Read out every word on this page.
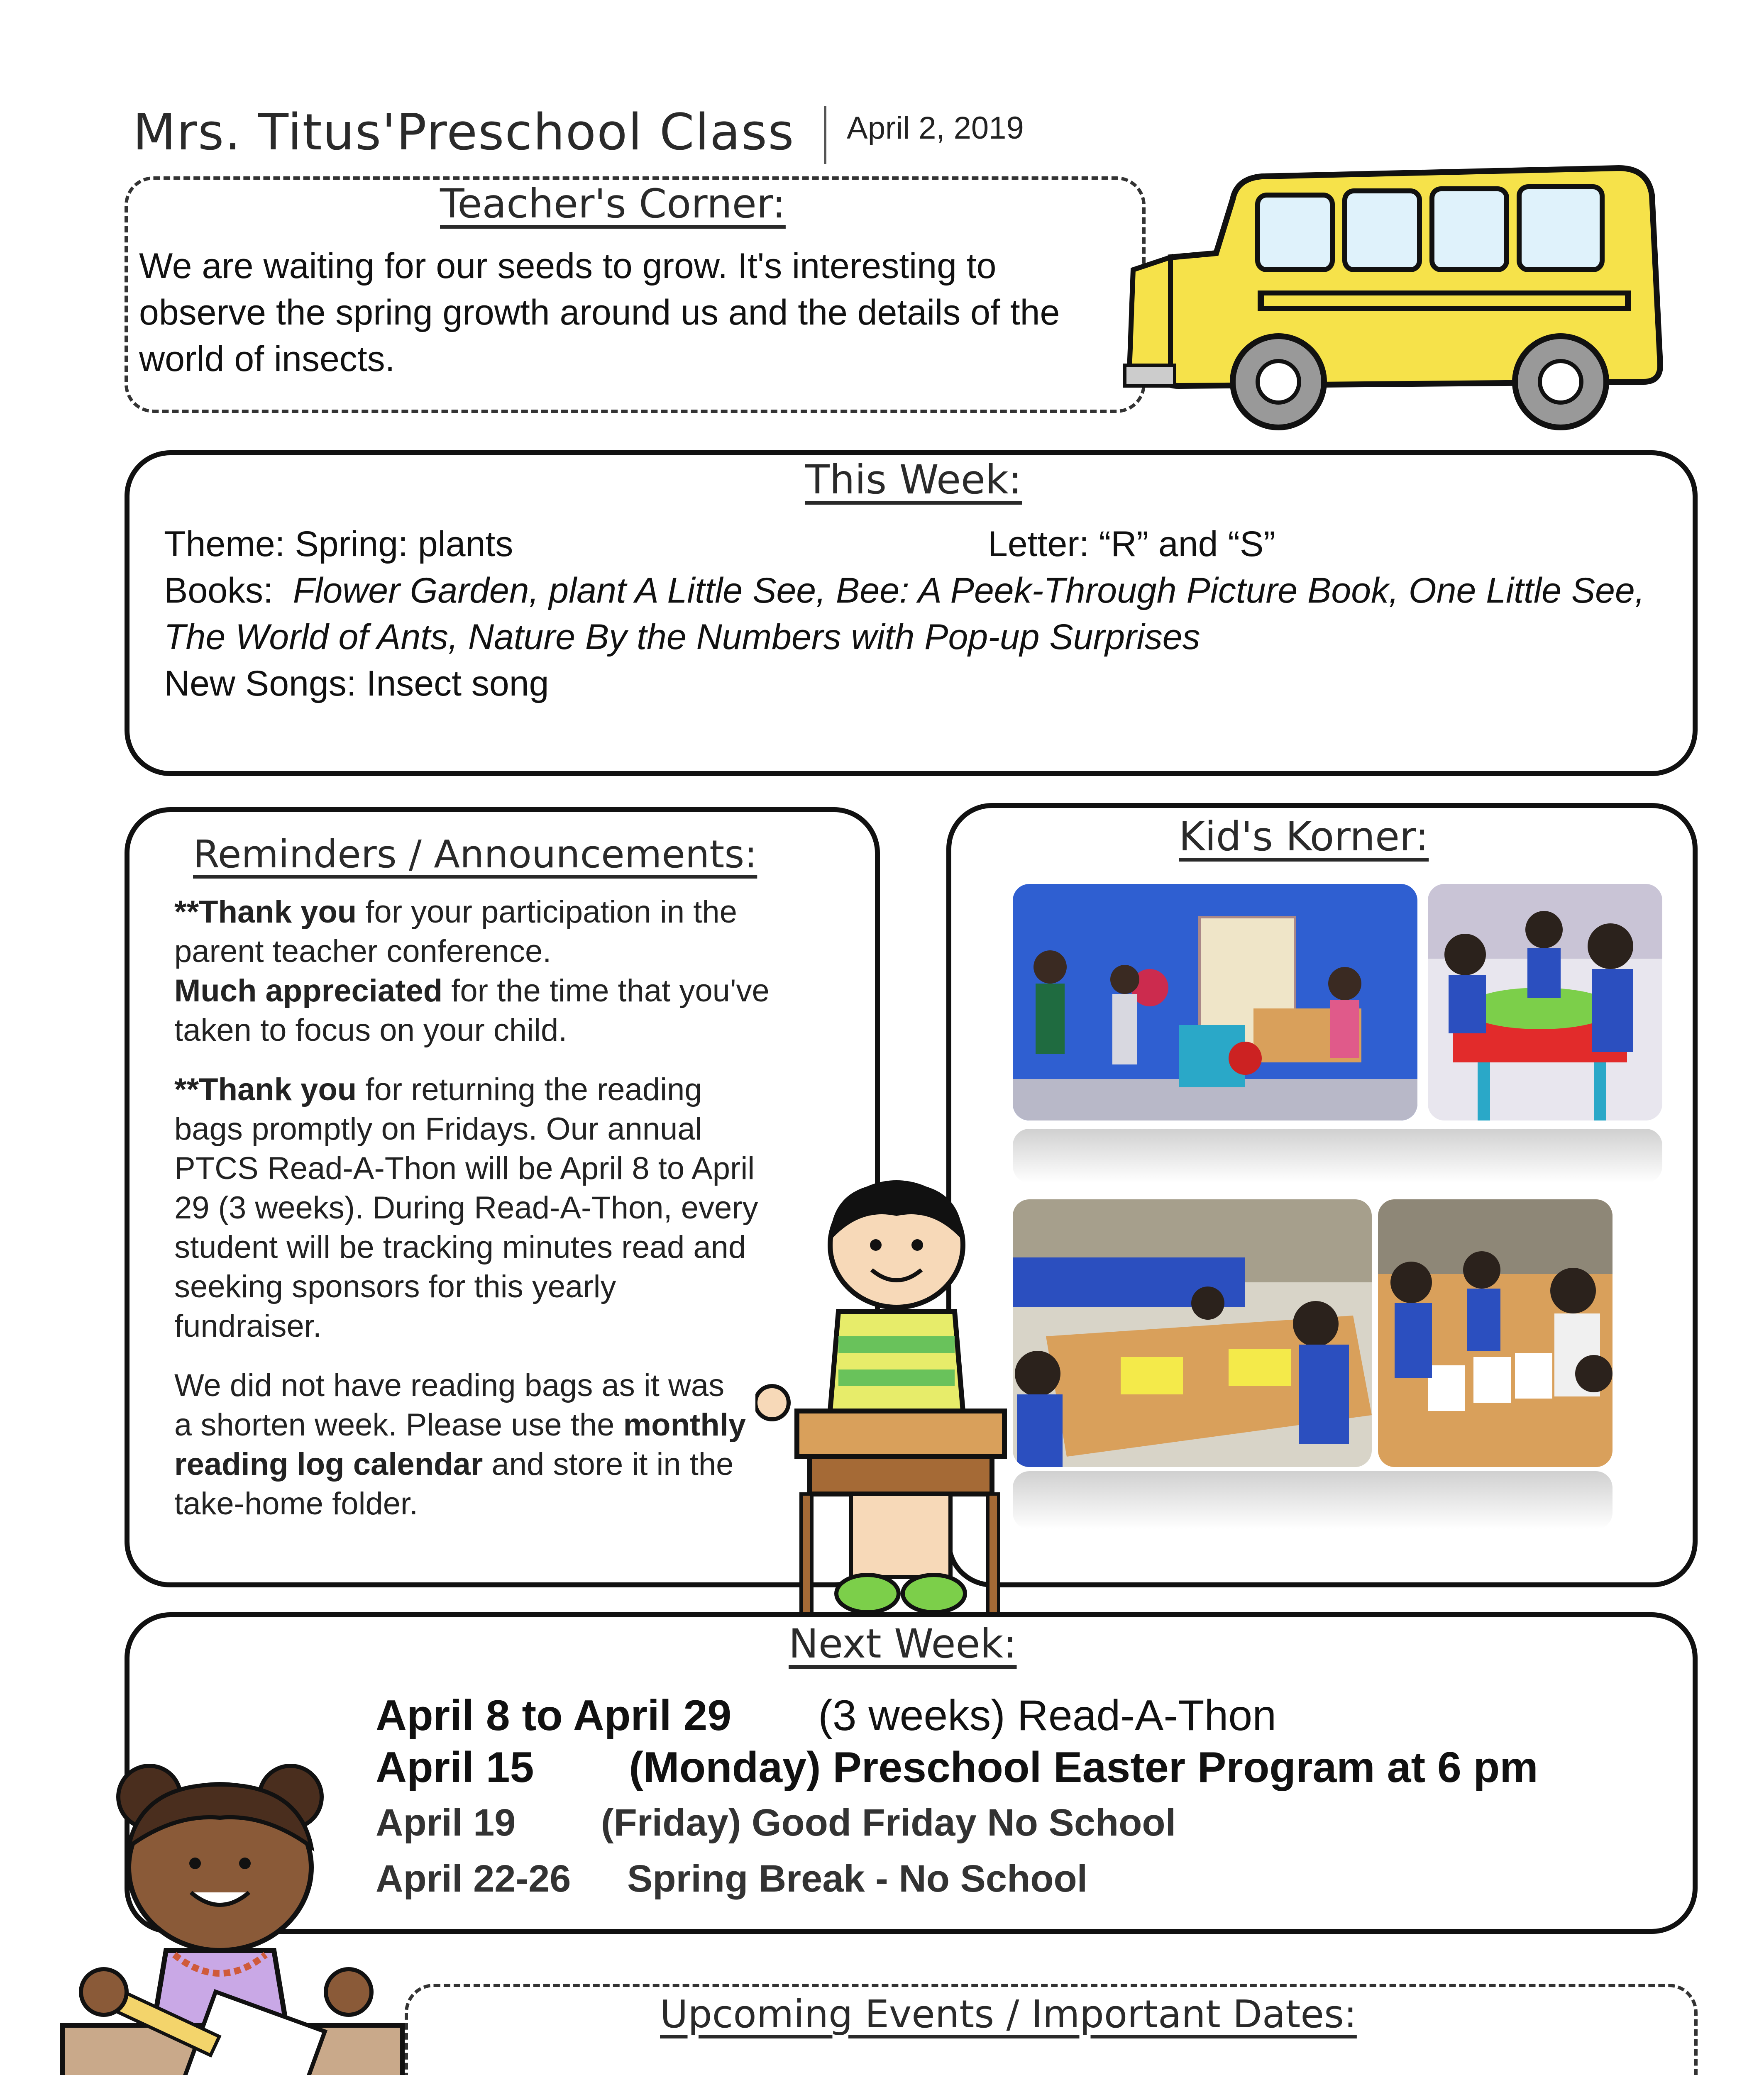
Mrs. Titus'Preschool Class April 2, 2019
Teacher's Corner:
We are waiting for our seeds to grow. It's interesting to observe the spring growth around us and the details of the world of insects.
This Week:
Theme: Spring: plants	Letter: “R” and “S”
Books: Flower Garden, plant A Little See, Bee: A Peek-Through Picture Book, One Little See, The World of Ants, Nature By the Numbers with Pop-up Surprises
New Songs: Insect song
Reminders / Announcements:

**Thank you for your participation in the parent teacher conference.
Much appreciated for the time that you've taken to focus on your child.

**Thank you for returning the reading bags promptly on Fridays. Our annual PTCS Read-A-Thon will be April 8 to April 29 (3 weeks). During Read-A-Thon, every student will be tracking minutes read and seeking sponsors for this yearly fundraiser.

We did not have reading bags as it was a shorten week. Please use the monthly reading log calendar and store it in the take-home folder.

Kid's Korner:
Next Week:
April 8 to April 29 (3 weeks) Read-A-Thon
April 15 (Monday) Preschool Easter Program at 6 pm
April 19 (Friday) Good Friday No School
April 22-26 Spring Break - No School
Upcoming Events / Important Dates:
